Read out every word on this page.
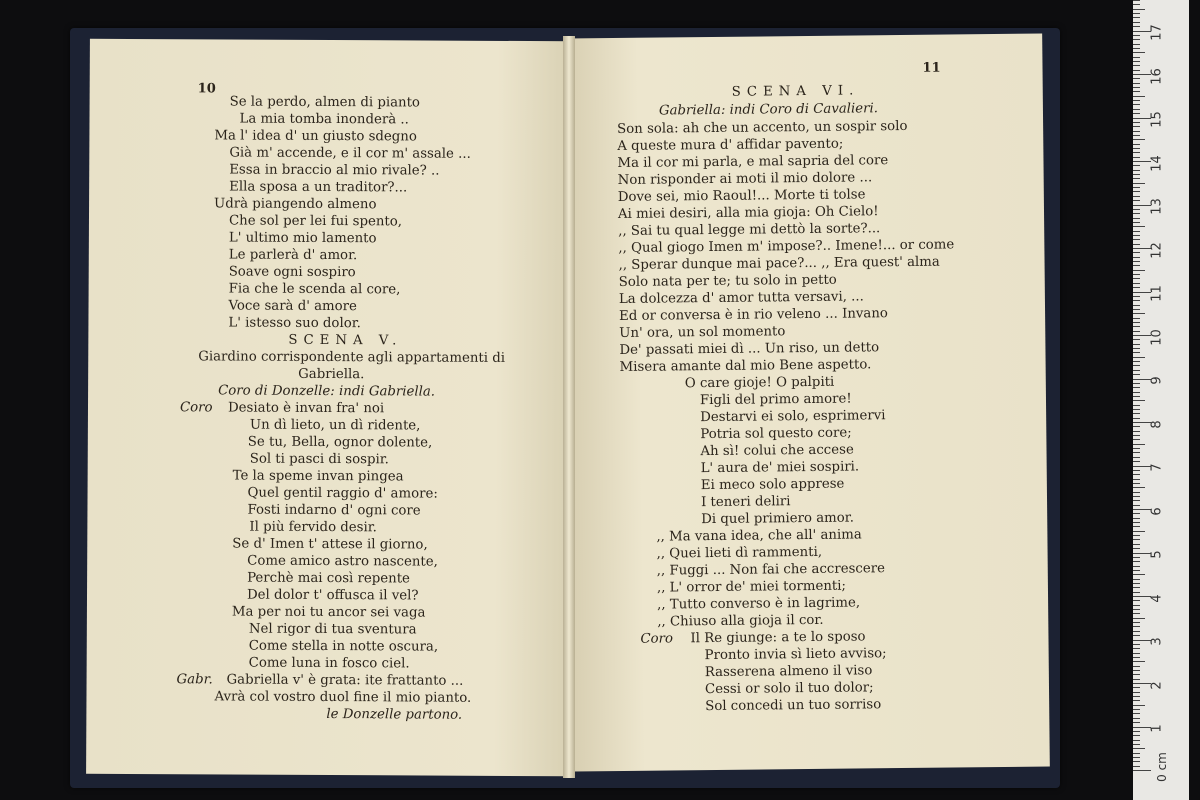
10
Se la perdo, almen di pianto
La mia tomba inonderà ..
Ma l' idea d' un giusto sdegno
Già m' accende, e il cor m' assale ...
Essa in braccio al mio rivale? ..
Ella sposa a un traditor?...
Udrà piangendo almeno
Che sol per lei fui spento,
L' ultimo mio lamento
Le parlerà d' amor.
Soave ogni sospiro
Fia che le scenda al core,
Voce sarà d' amore
L' istesso suo dolor.
SCENA V.
Giardino corrispondente agli appartamenti di
Gabriella.
Coro di Donzelle: indi Gabriella.
Desiato è invan fra' noi
Un dì lieto, un dì ridente,
Se tu, Bella, ognor dolente,
Sol ti pasci di sospir.
Te la speme invan pingea
Quel gentil raggio d' amore:
Fosti indarno d' ogni core
Il più fervido desir.
Se d' Imen t' attese il giorno,
Come amico astro nascente,
Perchè mai così repente
Del dolor t' offusca il vel?
Ma per noi tu ancor sei vaga
Nel rigor di tua sventura
Come stella in notte oscura,
Come luna in fosco ciel.
Gabriella v' è grata: ite frattanto ...
Avrà col vostro duol fine il mio pianto.
le Donzelle partono.
Coro
Gabr.
11
SCENA VI.
Gabriella: indi Coro di Cavalieri.
Son sola: ah che un accento, un sospir solo
A queste mura d' affidar pavento;
Ma il cor mi parla, e mal sapria del core
Non risponder ai moti il mio dolore ...
Dove sei, mio Raoul!... Morte ti tolse
Ai miei desiri, alla mia gioja: Oh Cielo!
,, Sai tu qual legge mi dettò la sorte?...
,, Qual giogo Imen m' impose?.. Imene!... or come
,, Sperar dunque mai pace?... ,, Era quest' alma
Solo nata per te; tu solo in petto
La dolcezza d' amor tutta versavi, ...
Ed or conversa è in rio veleno ... Invano
Un' ora, un sol momento
De' passati miei dì ... Un riso, un detto
Misera amante dal mio Bene aspetto.
O care gioje! O palpiti
Figli del primo amore!
Destarvi ei solo, esprimervi
Potria sol questo core;
Ah sì! colui che accese
L' aura de' miei sospiri.
Ei meco solo apprese
I teneri deliri
Di quel primiero amor.
,, Ma vana idea, che all' anima
,, Quei lieti dì rammenti,
,, Fuggi ... Non fai che accrescere
,, L' orror de' miei tormenti;
,, Tutto converso è in lagrime,
,, Chiuso alla gioja il cor.
Il Re giunge: a te lo sposo
Pronto invia sì lieto avviso;
Rasserena almeno il viso
Cessi or solo il tuo dolor;
Sol concedi un tuo sorriso
Coro
17
16
15
14
13
12
11
10
9
8
7
6
5
4
3
2
1
0 cm
